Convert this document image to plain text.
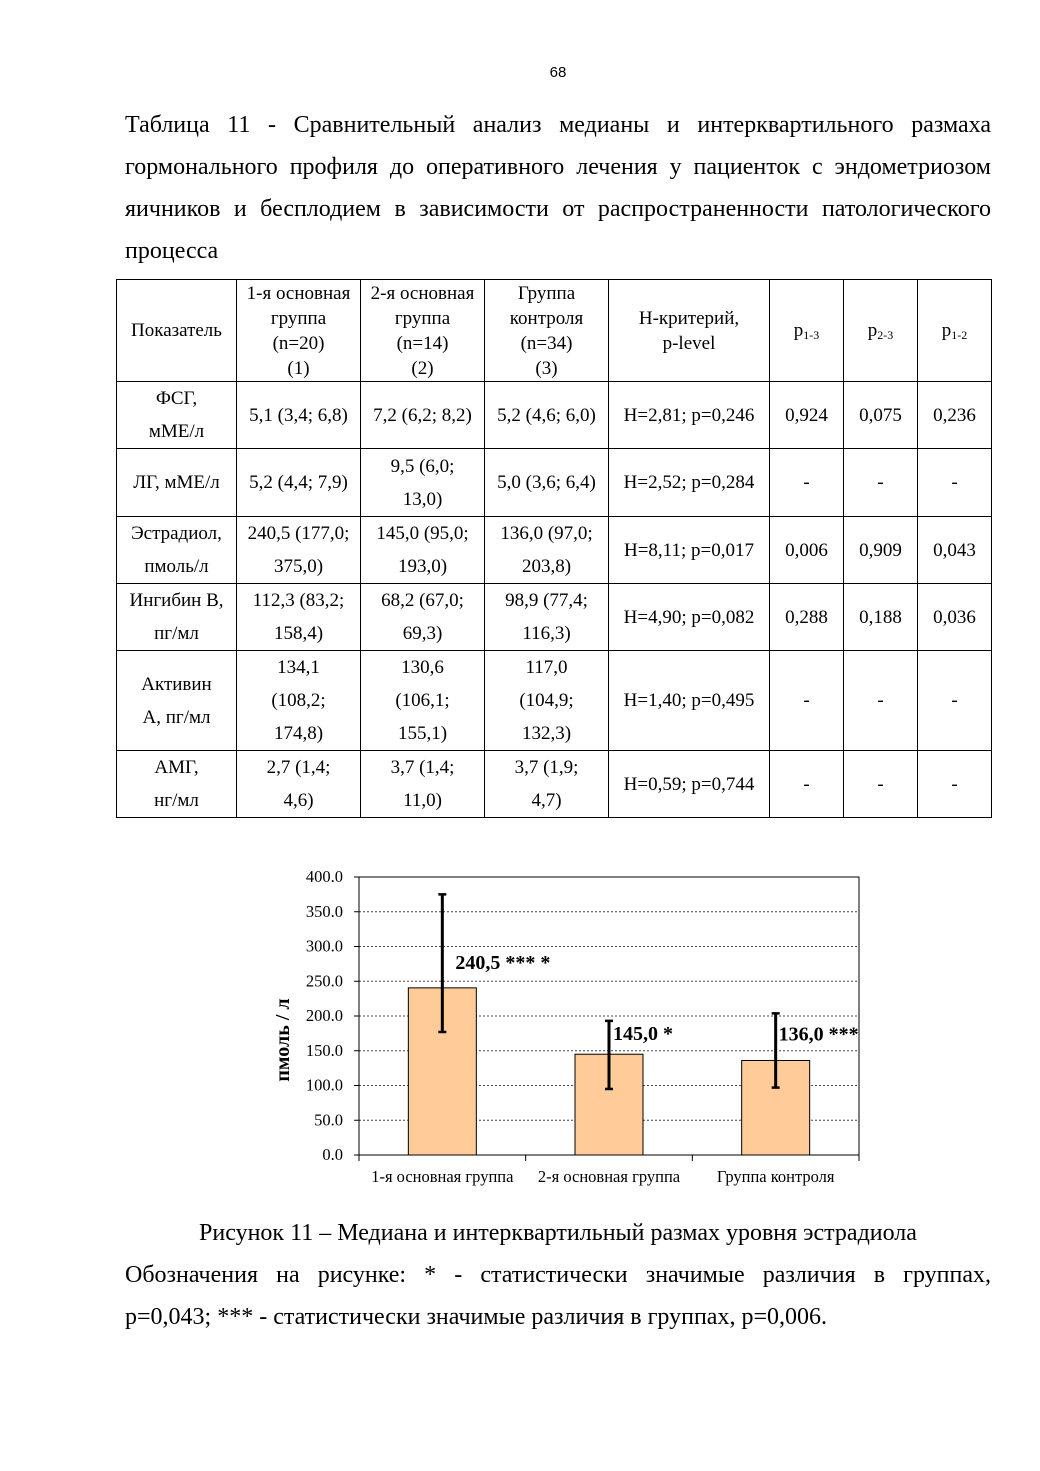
68
Таблица 11 - Сравнительный анализ медианы и интерквартильного размаха
гормонального профиля до оперативного лечения у пациенток с эндометриозом
яичников и бесплодием в зависимости от распространенности патологического
процесса
Показатель	1-я основная
группа
(n=20)
(1)	2-я основная
группа
(n=14)
(2)	Группа
контроля
(n=34)
(3)	H-критерий,
p-level	$p_{1-3}$	$p_{2-3}$	$p_{1-2}$
ФСГ,
мМЕ/л	5,1 (3,4; 6,8)	7,2 (6,2; 8,2)	5,2 (4,6; 6,0)	H=2,81; p=0,246	0,924	0,075	0,236
ЛГ, мМЕ/л	5,2 (4,4; 7,9)	9,5 (6,0;
13,0)	5,0 (3,6; 6,4)	H=2,52; p=0,284	-	-	-
Эстрадиол,
пмоль/л	240,5 (177,0;
375,0)	145,0 (95,0;
193,0)	136,0 (97,0;
203,8)	H=8,11; p=0,017	0,006	0,909	0,043
Ингибин В,
пг/мл	112,3 (83,2;
158,4)	68,2 (67,0;
69,3)	98,9 (77,4;
116,3)	H=4,90; p=0,082	0,288	0,188	0,036
Активин
А, пг/мл	134,1
(108,2;
174,8)	130,6
(106,1;
155,1)	117,0
(104,9;
132,3)	H=1,40; p=0,495	-	-	-
АМГ,
нг/мл	2,7 (1,4;
4,6)	3,7 (1,4;
11,0)	3,7 (1,9;
4,7)	H=0,59; p=0,744	-	-	-
0.0
50.0
100.0
150.0
200.0
250.0
300.0
350.0
400.0
240,5 *** *
1-я основная группа
145,0 *
2-я основная группа
136,0 ***
Группа контроля
пмоль / л
Рисунок 11 – Медиана и интерквартильный размах уровня эстрадиола
Обозначения на рисунке: * - статистически значимые различия в группах,
p=0,043; *** - статистически значимые различия в группах, p=0,006.
